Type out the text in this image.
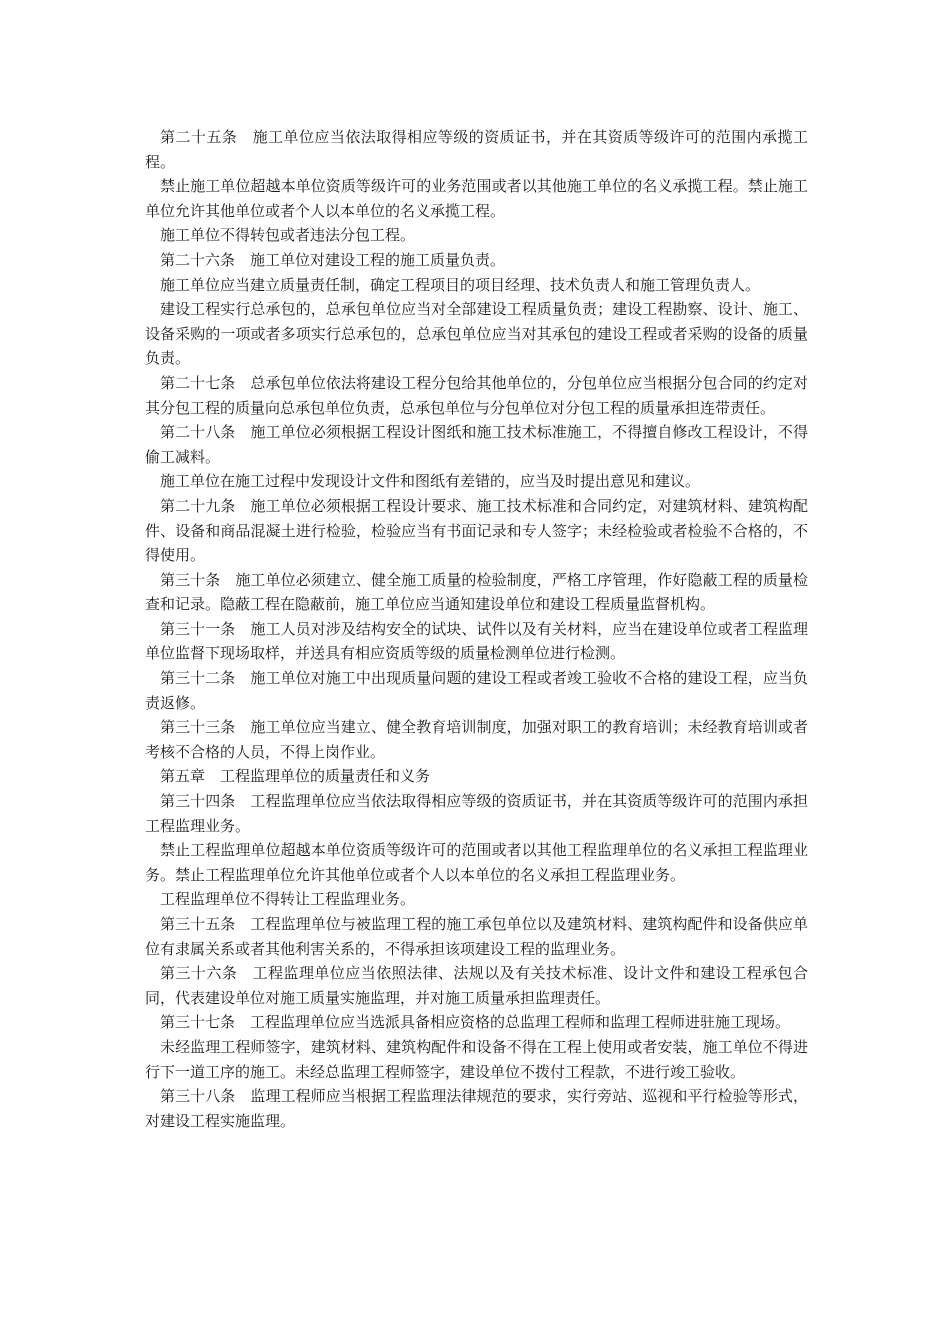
第二十五条　施工单位应当依法取得相应等级的资质证书，并在其资质等级许可的范围内承揽工程。

禁止施工单位超越本单位资质等级许可的业务范围或者以其他施工单位的名义承揽工程。禁止施工单位允许其他单位或者个人以本单位的名义承揽工程。

施工单位不得转包或者违法分包工程。

第二十六条　施工单位对建设工程的施工质量负责。

施工单位应当建立质量责任制，确定工程项目的项目经理、技术负责人和施工管理负责人。

建设工程实行总承包的，总承包单位应当对全部建设工程质量负责；建设工程勘察、设计、施工、设备采购的一项或者多项实行总承包的，总承包单位应当对其承包的建设工程或者采购的设备的质量负责。

第二十七条　总承包单位依法将建设工程分包给其他单位的，分包单位应当根据分包合同的约定对其分包工程的质量向总承包单位负责，总承包单位与分包单位对分包工程的质量承担连带责任。

第二十八条　施工单位必须根据工程设计图纸和施工技术标准施工，不得擅自修改工程设计，不得偷工减料。

施工单位在施工过程中发现设计文件和图纸有差错的，应当及时提出意见和建议。

第二十九条　施工单位必须根据工程设计要求、施工技术标准和合同约定，对建筑材料、建筑构配件、设备和商品混凝土进行检验，检验应当有书面记录和专人签字；未经检验或者检验不合格的，不得使用。

第三十条　施工单位必须建立、健全施工质量的检验制度，严格工序管理，作好隐蔽工程的质量检查和记录。隐蔽工程在隐蔽前，施工单位应当通知建设单位和建设工程质量监督机构。

第三十一条　施工人员对涉及结构安全的试块、试件以及有关材料，应当在建设单位或者工程监理单位监督下现场取样，并送具有相应资质等级的质量检测单位进行检测。

第三十二条　施工单位对施工中出现质量问题的建设工程或者竣工验收不合格的建设工程，应当负责返修。

第三十三条　施工单位应当建立、健全教育培训制度，加强对职工的教育培训；未经教育培训或者考核不合格的人员，不得上岗作业。

第五章　工程监理单位的质量责任和义务

第三十四条　工程监理单位应当依法取得相应等级的资质证书，并在其资质等级许可的范围内承担工程监理业务。

禁止工程监理单位超越本单位资质等级许可的范围或者以其他工程监理单位的名义承担工程监理业务。禁止工程监理单位允许其他单位或者个人以本单位的名义承担工程监理业务。

工程监理单位不得转让工程监理业务。

第三十五条　工程监理单位与被监理工程的施工承包单位以及建筑材料、建筑构配件和设备供应单位有隶属关系或者其他利害关系的，不得承担该项建设工程的监理业务。

第三十六条　工程监理单位应当依照法律、法规以及有关技术标准、设计文件和建设工程承包合同，代表建设单位对施工质量实施监理，并对施工质量承担监理责任。

第三十七条　工程监理单位应当选派具备相应资格的总监理工程师和监理工程师进驻施工现场。

未经监理工程师签字，建筑材料、建筑构配件和设备不得在工程上使用或者安装，施工单位不得进行下一道工序的施工。未经总监理工程师签字，建设单位不拨付工程款，不进行竣工验收。

第三十八条　监理工程师应当根据工程监理法律规范的要求，实行旁站、巡视和平行检验等形式，对建设工程实施监理。
